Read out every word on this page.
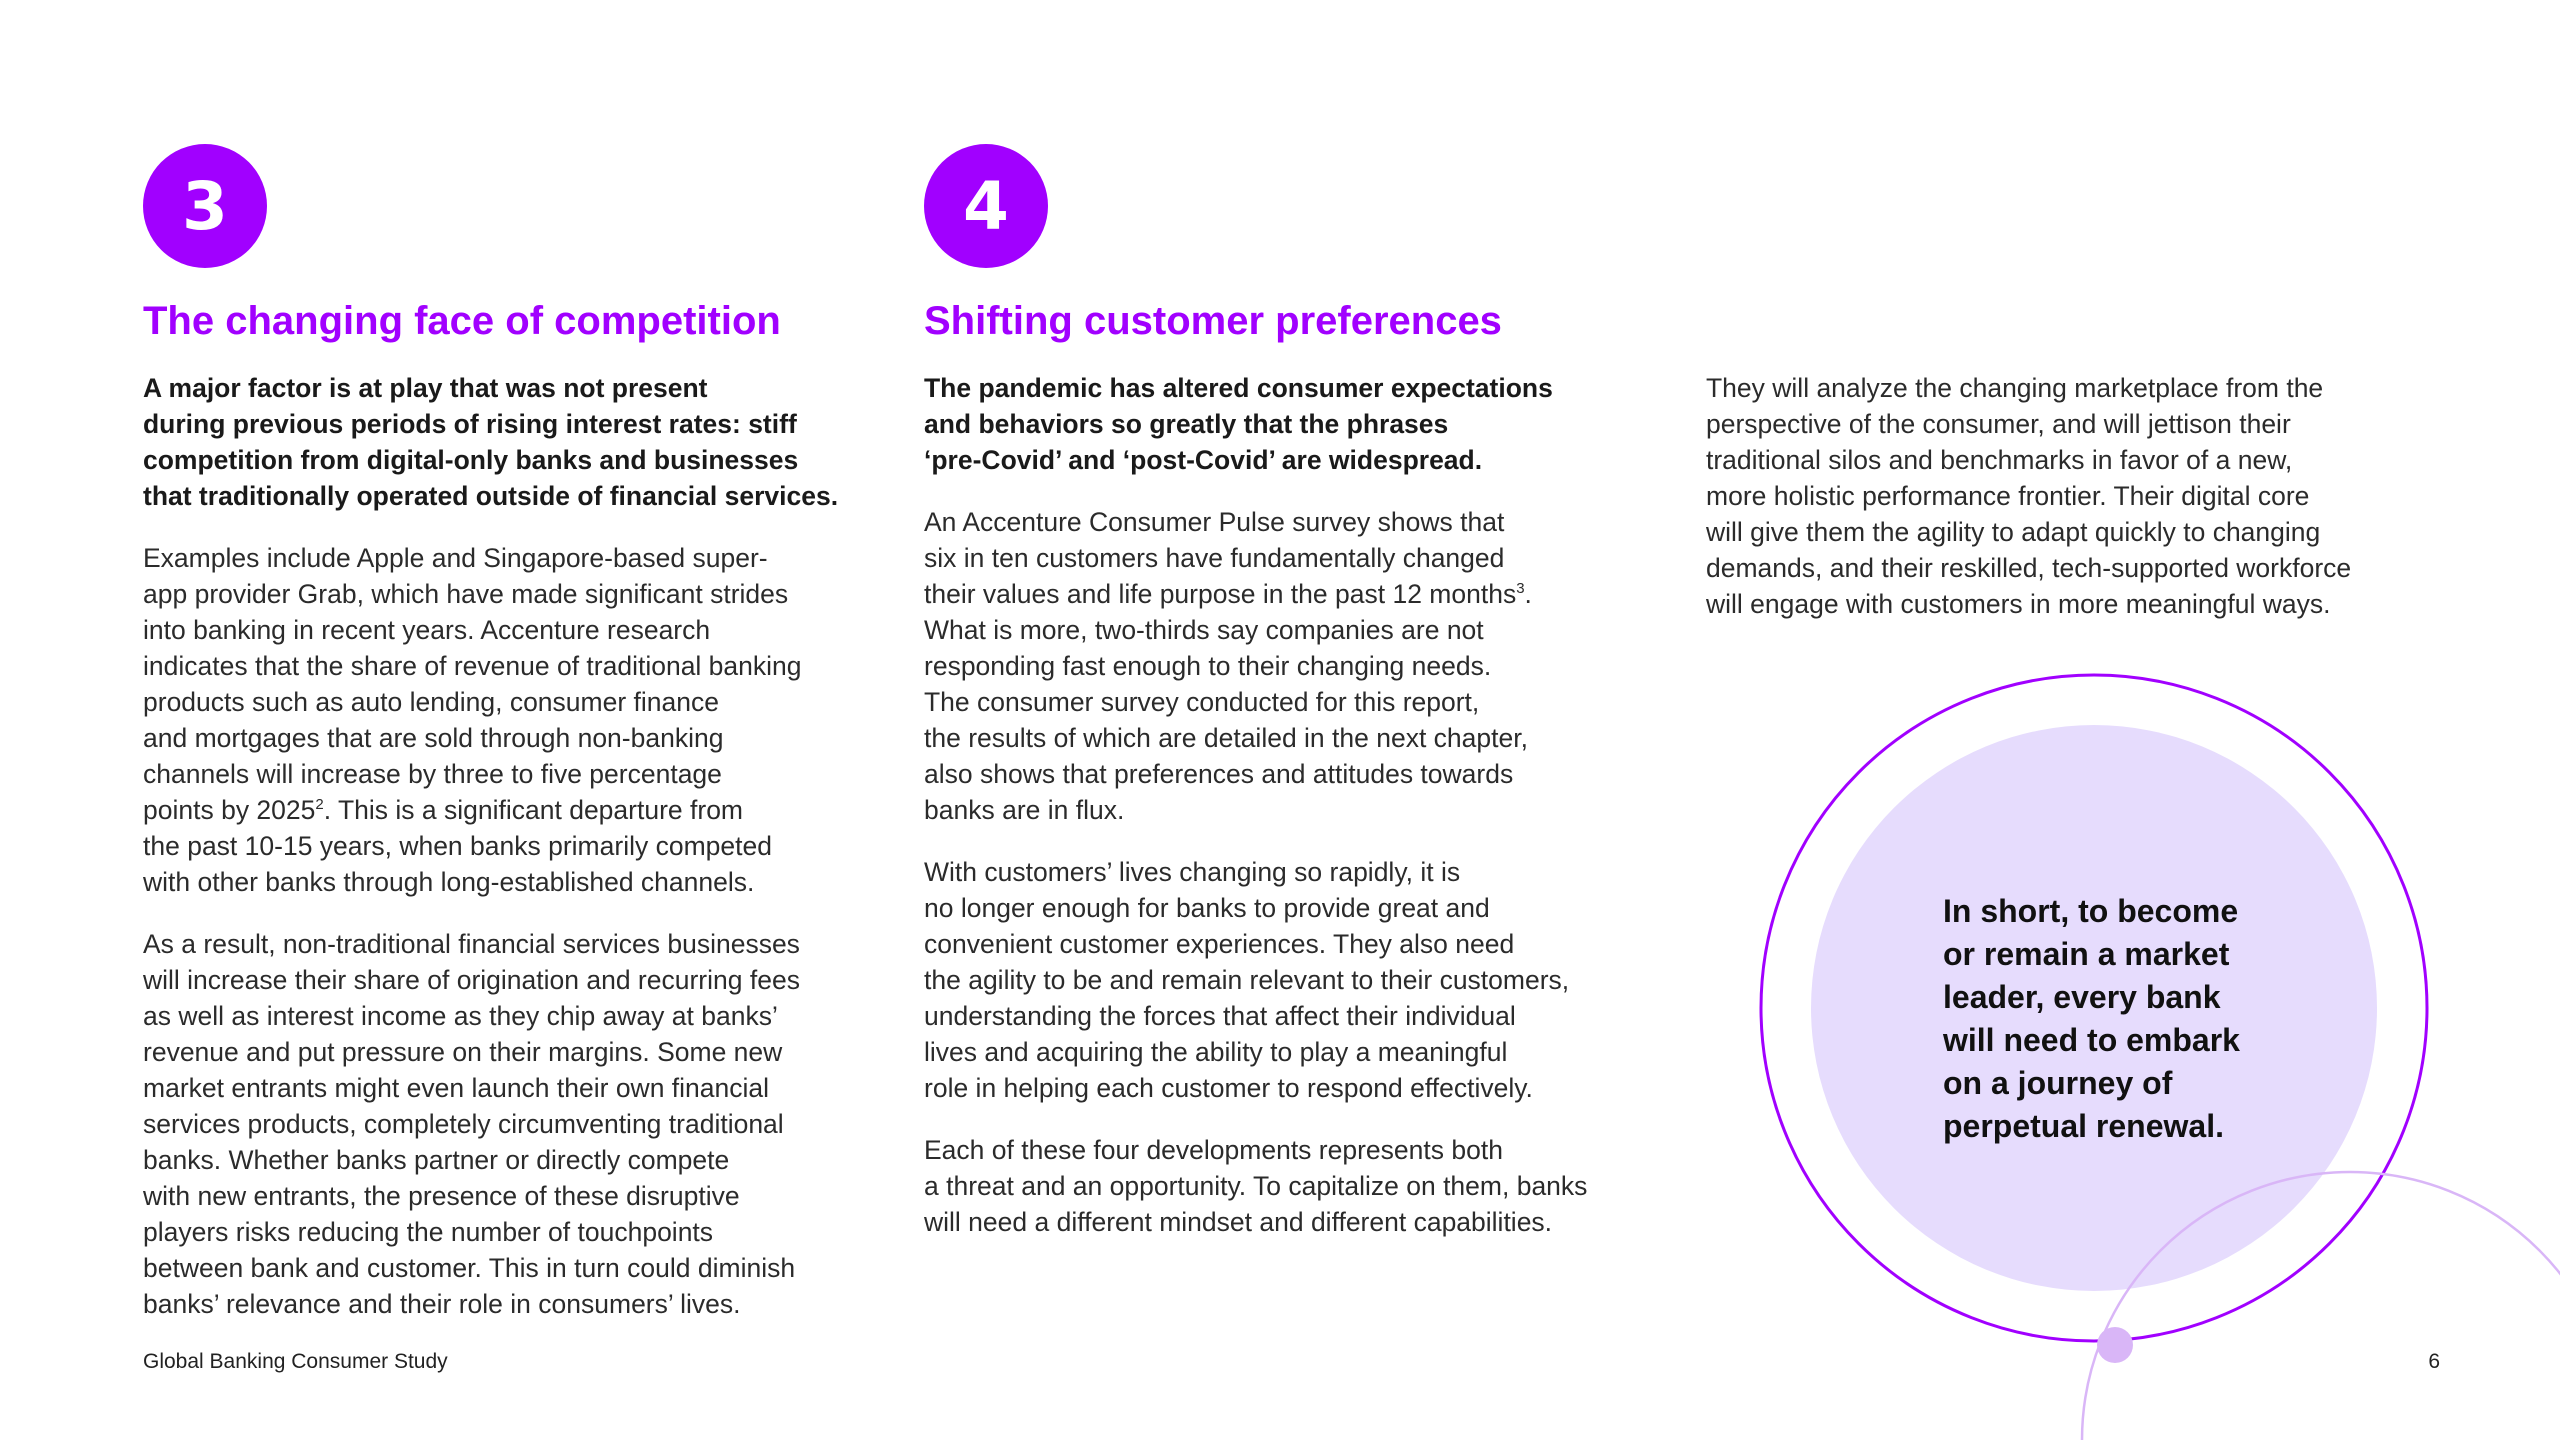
3
The changing face of competition

A major factor is at play that was not present
during previous periods of rising interest rates: stiff
competition from digital-only banks and businesses
that traditionally operated outside of financial services.

Examples include Apple and Singapore-based super-
app provider Grab, which have made significant strides
into banking in recent years. Accenture research
indicates that the share of revenue of traditional banking
products such as auto lending, consumer finance
and mortgages that are sold through non-banking
channels will increase by three to five percentage
points by 2025$^2$. This is a significant departure from
the past 10-15 years, when banks primarily competed
with other banks through long-established channels.

As a result, non-traditional financial services businesses
will increase their share of origination and recurring fees
as well as interest income as they chip away at banks’
revenue and put pressure on their margins. Some new
market entrants might even launch their own financial
services products, completely circumventing traditional
banks. Whether banks partner or directly compete
with new entrants, the presence of these disruptive
players risks reducing the number of touchpoints
between bank and customer. This in turn could diminish
banks’ relevance and their role in consumers’ lives.

4
Shifting customer preferences

The pandemic has altered consumer expectations
and behaviors so greatly that the phrases
‘pre-Covid’ and ‘post-Covid’ are widespread.

An Accenture Consumer Pulse survey shows that
six in ten customers have fundamentally changed
their values and life purpose in the past 12 months$^3$.
What is more, two-thirds say companies are not
responding fast enough to their changing needs.
The consumer survey conducted for this report,
the results of which are detailed in the next chapter,
also shows that preferences and attitudes towards
banks are in flux.

With customers’ lives changing so rapidly, it is
no longer enough for banks to provide great and
convenient customer experiences. They also need
the agility to be and remain relevant to their customers,
understanding the forces that affect their individual
lives and acquiring the ability to play a meaningful
role in helping each customer to respond effectively.

Each of these four developments represents both
a threat and an opportunity. To capitalize on them, banks
will need a different mindset and different capabilities.

They will analyze the changing marketplace from the
perspective of the consumer, and will jettison their
traditional silos and benchmarks in favor of a new,
more holistic performance frontier. Their digital core
will give them the agility to adapt quickly to changing
demands, and their reskilled, tech-supported workforce
will engage with customers in more meaningful ways.

In short, to become
or remain a market
leader, every bank
will need to embark
on a journey of
perpetual renewal.

Global Banking Consumer Study	6
